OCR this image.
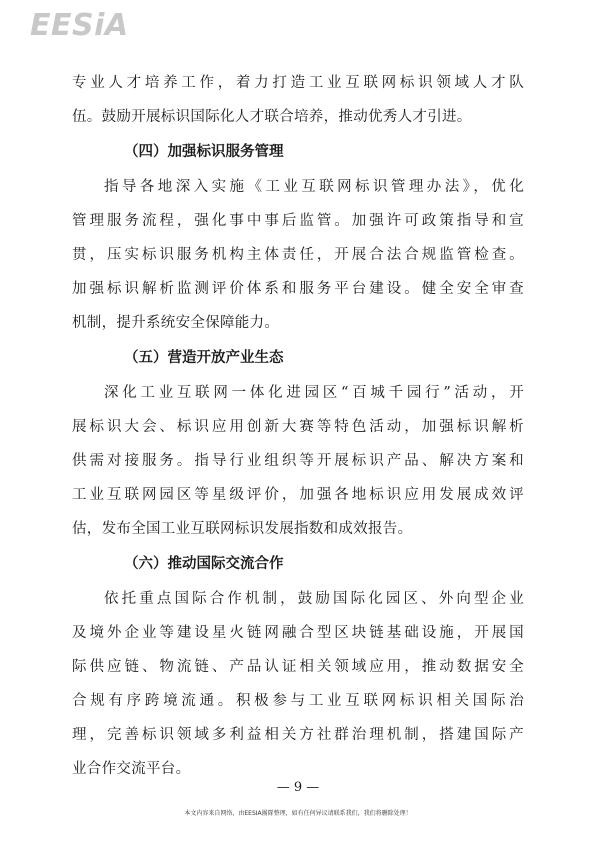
EESiA
专业人才培养工作，着力打造工业互联网标识领域人才队
伍。鼓励开展标识国际化人才联合培养，推动优秀人才引进。
（四）加强标识服务管理
指导各地深入实施《工业互联网标识管理办法》，优化
管理服务流程，强化事中事后监管。加强许可政策指导和宣
贯，压实标识服务机构主体责任，开展合法合规监管检查。
加强标识解析监测评价体系和服务平台建设。健全安全审查
机制，提升系统安全保障能力。
（五）营造开放产业生态
深化工业互联网一体化进园区“百城千园行”活动，开
展标识大会、标识应用创新大赛等特色活动，加强标识解析
供需对接服务。指导行业组织等开展标识产品、解决方案和
工业互联网园区等星级评价，加强各地标识应用发展成效评
估，发布全国工业互联网标识发展指数和成效报告。
（六）推动国际交流合作
依托重点国际合作机制，鼓励国际化园区、外向型企业
及境外企业等建设星火链网融合型区块链基础设施，开展国
际供应链、物流链、产品认证相关领域应用，推动数据安全
合规有序跨境流通。积极参与工业互联网标识相关国际治
理，完善标识领域多利益相关方社群治理机制，搭建国际产
业合作交流平台。
— 9 —
本文内容来自网络，由EESIA團隊整理，如有任何异议请联系我们，我们将删除处理！
